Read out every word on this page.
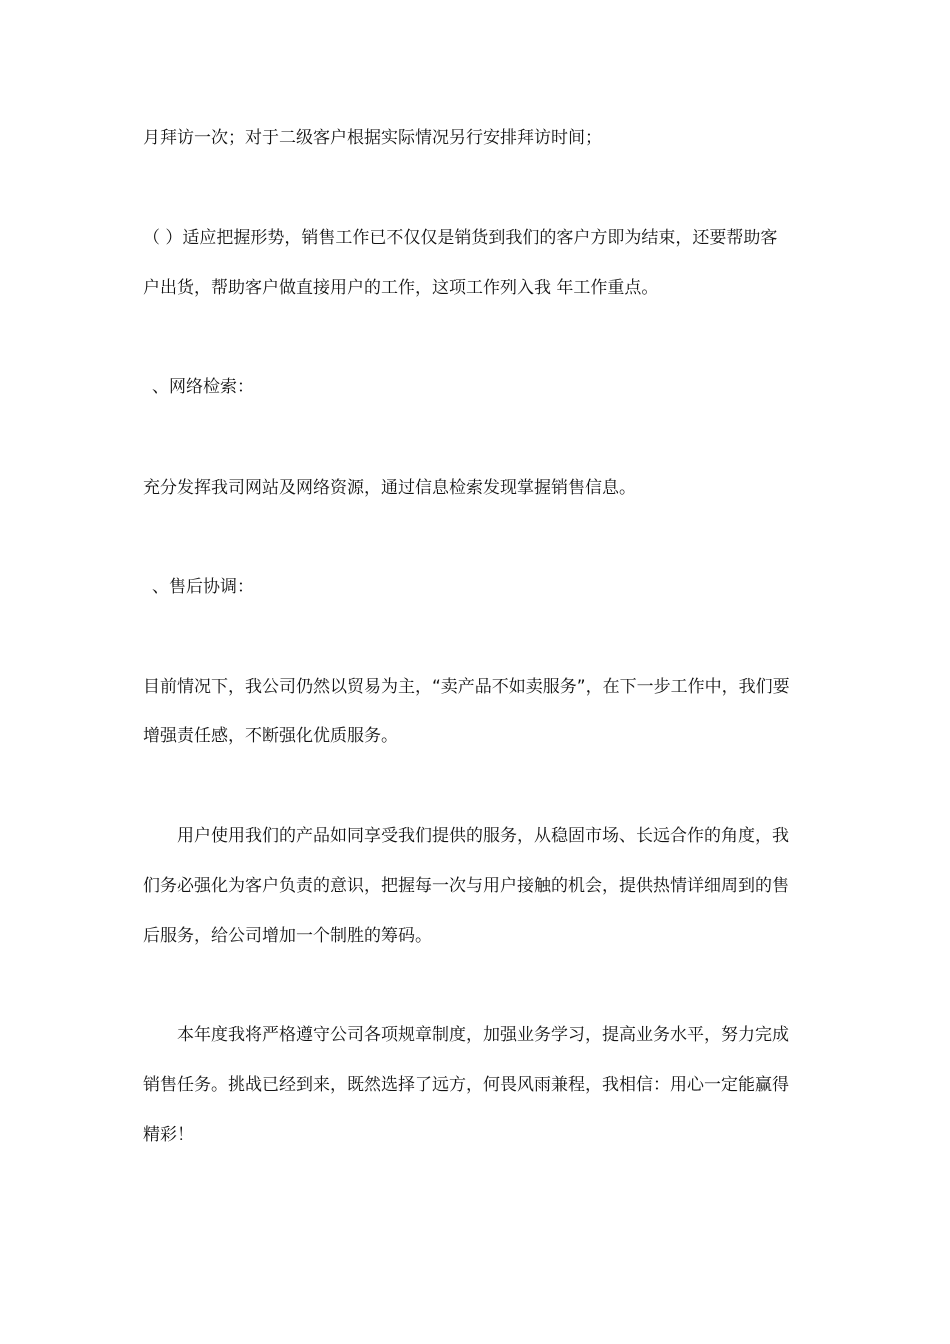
月拜访一次；对于二级客户根据实际情况另行安排拜访时间；
（ ）适应把握形势，销售工作已不仅仅是销货到我们的客户方即为结束，还要帮助客
户出货，帮助客户做直接用户的工作，这项工作列入我 年工作重点。
、网络检索：
充分发挥我司网站及网络资源，通过信息检索发现掌握销售信息。
、售后协调：
目前情况下，我公司仍然以贸易为主，“卖产品不如卖服务”，在下一步工作中，我们要
增强责任感，不断强化优质服务。
用户使用我们的产品如同享受我们提供的服务，从稳固市场、长远合作的角度，我
们务必强化为客户负责的意识，把握每一次与用户接触的机会，提供热情详细周到的售
后服务，给公司增加一个制胜的筹码。
本年度我将严格遵守公司各项规章制度，加强业务学习，提高业务水平，努力完成
销售任务。挑战已经到来，既然选择了远方，何畏风雨兼程，我相信：用心一定能赢得
精彩！
